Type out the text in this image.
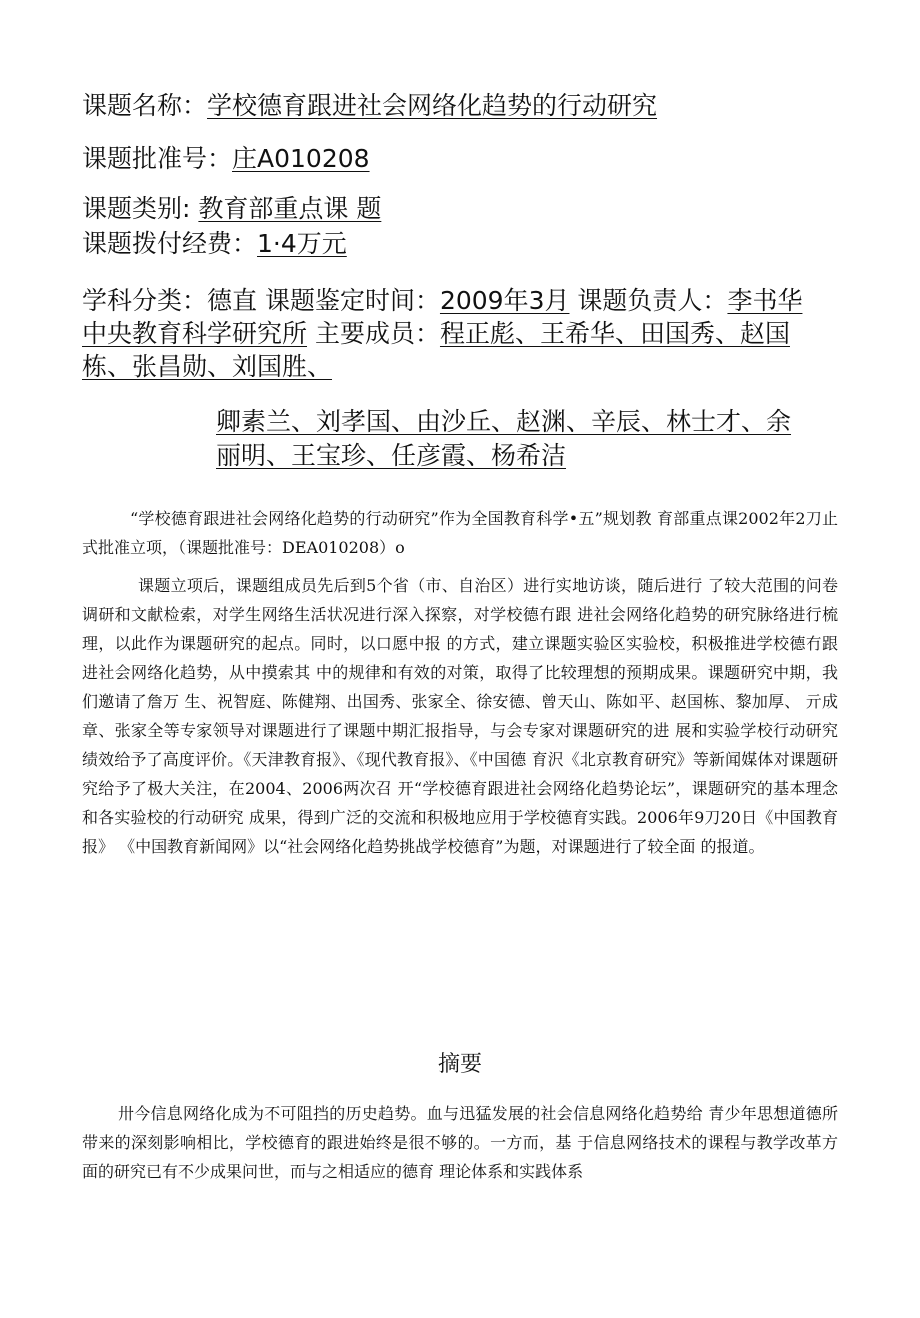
课题名称：学校德育跟进社会网络化趋势的行动研究
课题批准号：庄A010208
课题类别: 教育部重点课 题
课题拨付经费：1·4万元
学科分类：德直 课题鉴定时间：2009年3月 课题负责人：李书华
中央教育科学研究所 主要成员：程正彪、王希华、田国秀、赵国
栋、张昌勋、刘国胜、
卿素兰、刘孝国、由沙丘、赵渊、辛辰、林士才、余
丽明、王宝珍、任彦霞、杨希洁

“学校德育跟进社会网络化趋势的行动研究”作为全国教育科学•五”规划教 育部重点课2002年2刀止式批准立项，（课题批准号：DEA010208）o

课题立项后，课题组成员先后到5个省（市、自治区）进行实地访谈，随后进行 了较大范围的问卷调研和文献检索，对学生网络生活状况进行深入探察，对学校德冇跟 进社会网络化趋势的研究脉络进行梳理，以此作为课题研究的起点。同时，以口愿中报 的方式，建立课题实验区实验校，积极推进学校德冇跟进社会网络化趋势，从中摸索其 中的规律和有效的对策，取得了比较理想的预期成果。课题研究中期，我们邀请了詹万 生、祝智庭、陈健翔、出国秀、张家全、徐安德、曾天山、陈如平、赵国栋、黎加厚、 亓成章、张家全等专家领导对课题进行了课题中期汇报指导，与会专家对课题研究的进 展和实验学校行动研究绩效给予了高度评价。《天津教育报》、《现代教育报》、《中国德 育沢《北京教育研究》等新闻媒体对课题研究给予了极大关注，在2004、2006两次召 开“学校德育跟进社会网络化趋势论坛”，课题研究的基本理念和各实验校的行动研究 成果，得到广泛的交流和积极地应用于学校德育实践。2006年9刀20日《中国教育报》 《中国教育新闻网》以“社会网络化趋势挑战学校德育”为题，对课题进行了较全面 的报道。

摘要

卅今信息网络化成为不可阻挡的历史趋势。血与迅猛发展的社会信息网络化趋势给 青少年思想道德所带来的深刻影响相比，学校德育的跟进始终是很不够的。一方而，基 于信息网络技术的课程与教学改革方面的研究已有不少成果问世，而与之相适应的德育 理论体系和实践体系
